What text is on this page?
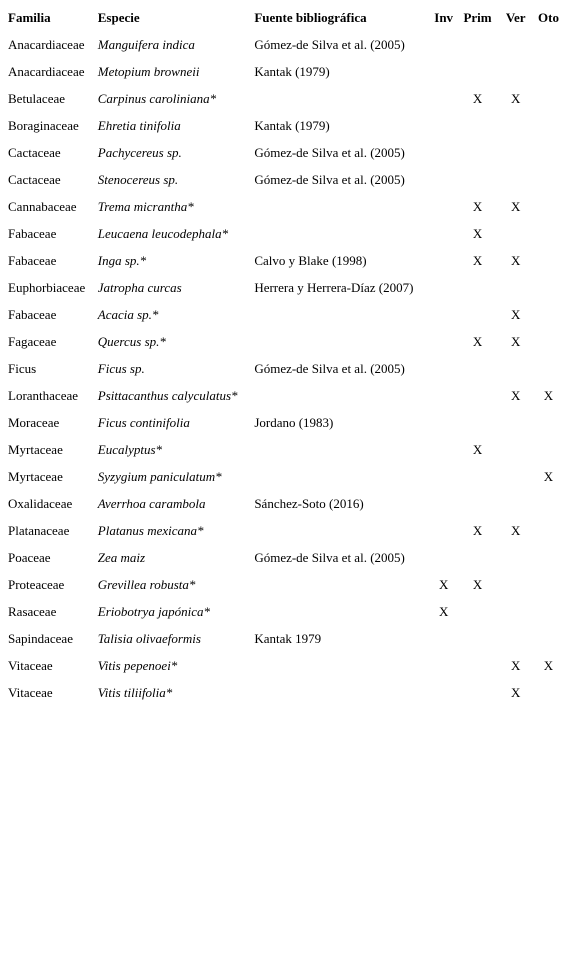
Familia	Especie	Fuente bibliográfica	Inv	Prim	Ver	Oto
Anacardiaceae	Manguifera indica	Gómez-de Silva et al. (2005)				
Anacardiaceae	Metopium browneii	Kantak (1979)				
Betulaceae	Carpinus caroliniana*			X	X	
Boraginaceae	Ehretia tinifolia	Kantak (1979)				
Cactaceae	Pachycereus sp.	Gómez-de Silva et al. (2005)				
Cactaceae	Stenocereus sp.	Gómez-de Silva et al. (2005)				
Cannabaceae	Trema micrantha*			X	X	
Fabaceae	Leucaena leucodephala*			X		
Fabaceae	Inga sp.*	Calvo y Blake (1998)		X	X	
Euphorbiaceae	Jatropha curcas	Herrera y Herrera-Díaz (2007)				
Fabaceae	Acacia sp.*				X	
Fagaceae	Quercus sp.*			X	X	
Ficus	Ficus sp.	Gómez-de Silva et al. (2005)				
Loranthaceae	Psittacanthus calyculatus*				X	X
Moraceae	Ficus continifolia	Jordano (1983)				
Myrtaceae	Eucalyptus*			X		
Myrtaceae	Syzygium paniculatum*					X
Oxalidaceae	Averrhoa carambola	Sánchez-Soto (2016)				
Platanaceae	Platanus mexicana*			X	X	
Poaceae	Zea maiz	Gómez-de Silva et al. (2005)				
Proteaceae	Grevillea robusta*		X	X		
Rasaceae	Eriobotrya japónica*		X			
Sapindaceae	Talisia olivaeformis	Kantak 1979				
Vitaceae	Vitis pepenoei*				X	X
Vitaceae	Vitis tiliifolia*				X	
